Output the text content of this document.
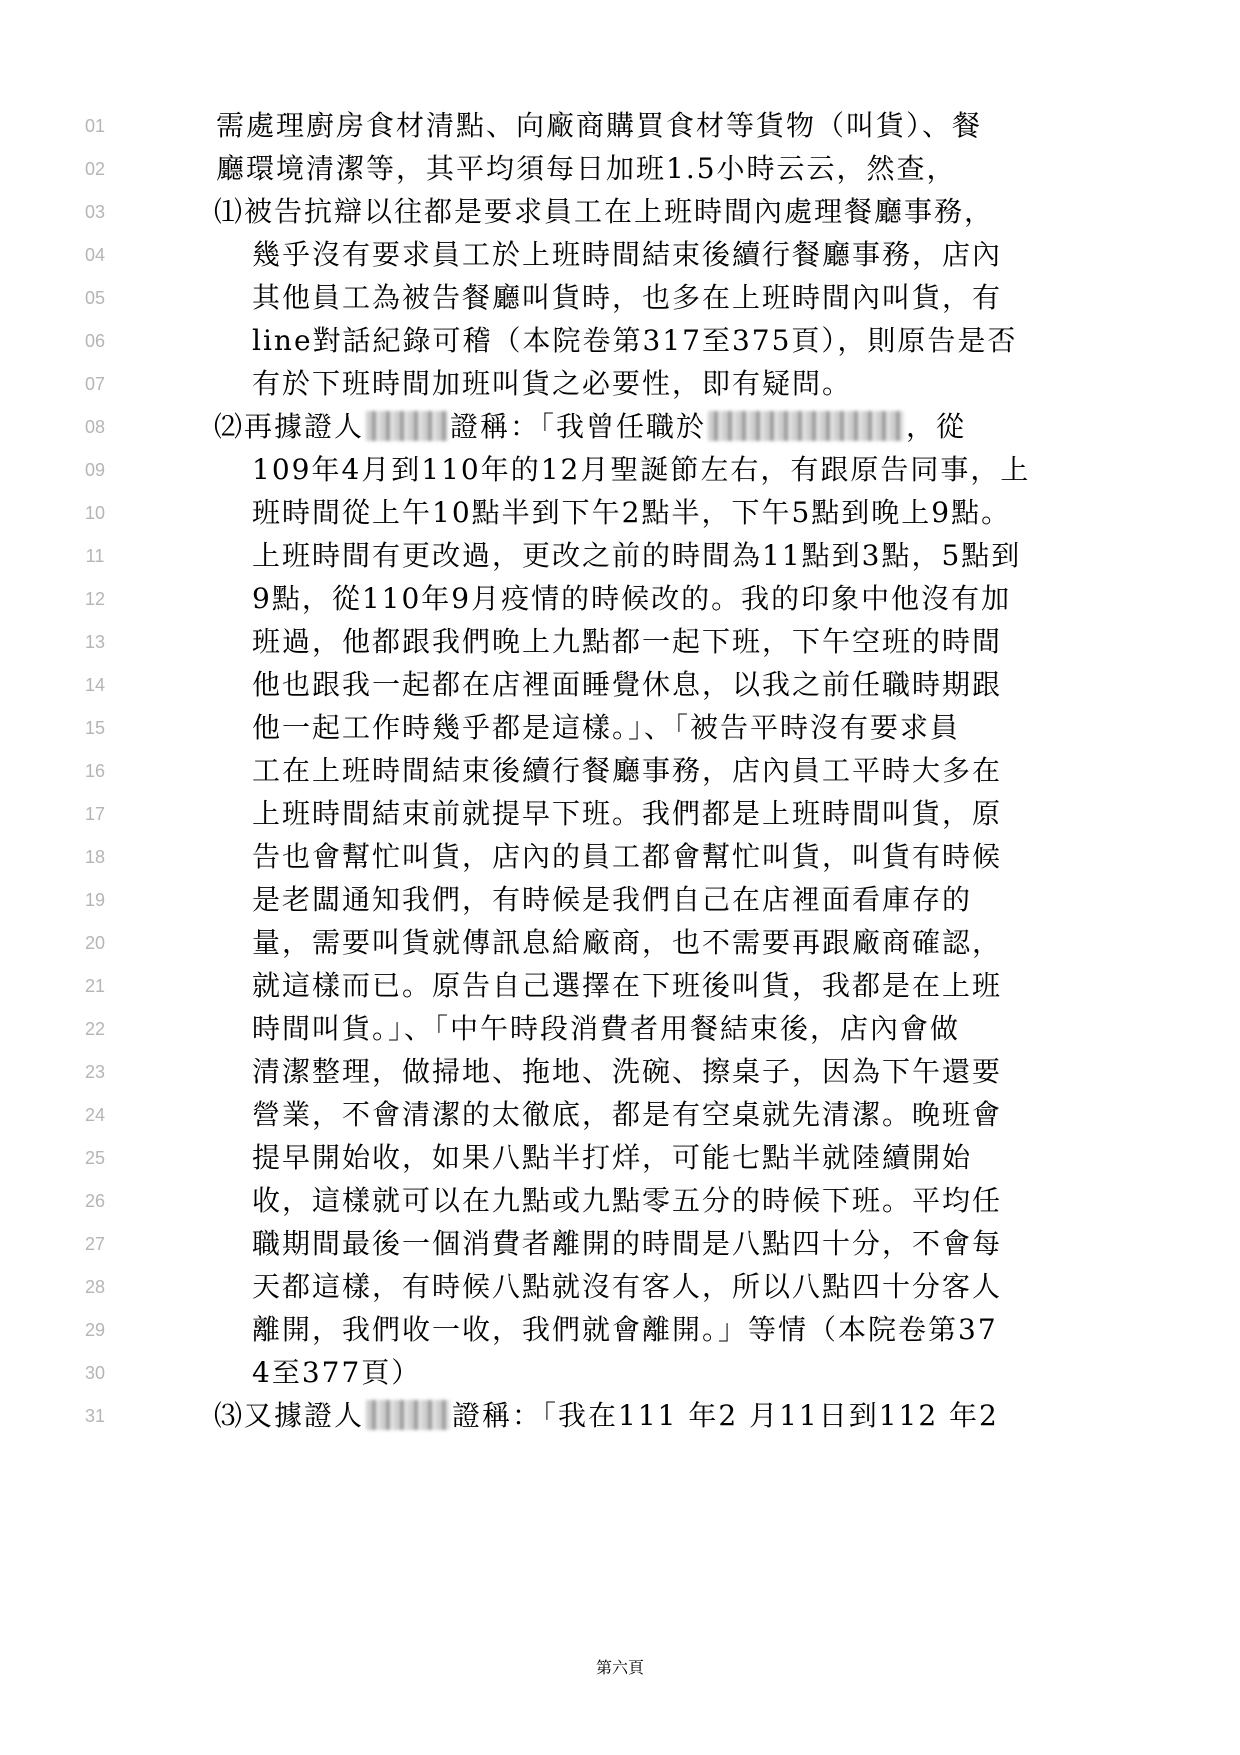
01	需處理廚房食材清點、向廠商購買食材等貨物（叫貨）、餐
02	廳環境清潔等，其平均須每日加班1.5小時云云，然查，
03	⑴被告抗辯以往都是要求員工在上班時間內處理餐廳事務，
04	幾乎沒有要求員工於上班時間結束後續行餐廳事務，店內
05	其他員工為被告餐廳叫貨時，也多在上班時間內叫貨，有
06	line對話紀錄可稽（本院卷第317至375頁），則原告是否
07	有於下班時間加班叫貨之必要性，即有疑問。
08	⑵再據證人	證稱：「我曾任職於	，從
09	109年4月到110年的12月聖誕節左右，有跟原告同事，上
10	班時間從上午10點半到下午2點半，下午5點到晚上9點。
11	上班時間有更改過，更改之前的時間為11點到3點，5點到
12	9點，從110年9月疫情的時候改的。我的印象中他沒有加
13	班過，他都跟我們晚上九點都一起下班，下午空班的時間
14	他也跟我一起都在店裡面睡覺休息，以我之前任職時期跟
15	他一起工作時幾乎都是這樣。」、「被告平時沒有要求員
16	工在上班時間結束後續行餐廳事務，店內員工平時大多在
17	上班時間結束前就提早下班。我們都是上班時間叫貨，原
18	告也會幫忙叫貨，店內的員工都會幫忙叫貨，叫貨有時候
19	是老闆通知我們，有時候是我們自己在店裡面看庫存的
20	量，需要叫貨就傳訊息給廠商，也不需要再跟廠商確認，
21	就這樣而已。原告自己選擇在下班後叫貨，我都是在上班
22	時間叫貨。」、「中午時段消費者用餐結束後，店內會做
23	清潔整理，做掃地、拖地、洗碗、擦桌子，因為下午還要
24	營業，不會清潔的太徹底，都是有空桌就先清潔。晚班會
25	提早開始收，如果八點半打烊，可能七點半就陸續開始
26	收，這樣就可以在九點或九點零五分的時候下班。平均任
27	職期間最後一個消費者離開的時間是八點四十分，不會每
28	天都這樣，有時候八點就沒有客人，所以八點四十分客人
29	離開，我們收一收，我們就會離開。」等情（本院卷第37
30	4至377頁）
31	⑶又據證人	證稱：「我在111 年2 月11日到112 年2
第六頁
